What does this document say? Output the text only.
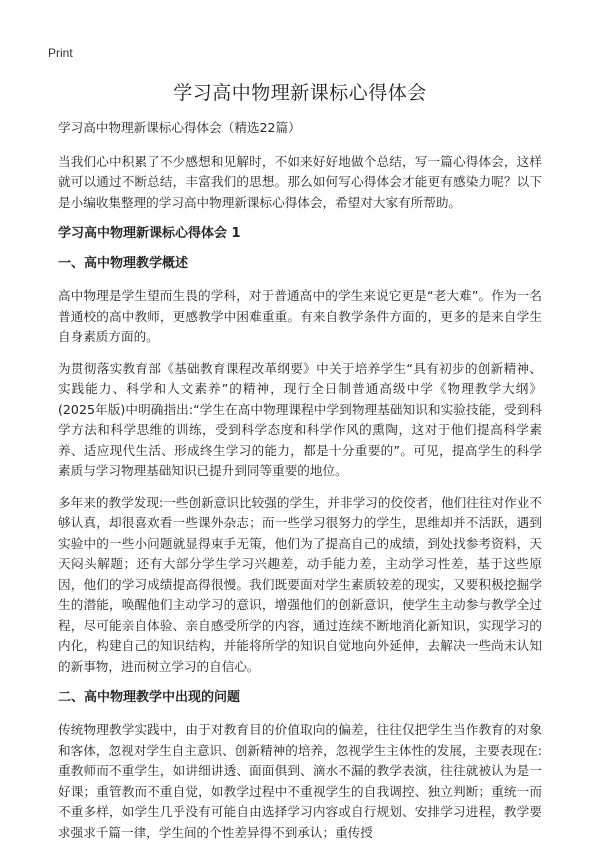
Print
学习高中物理新课标心得体会

学习高中物理新课标心得体会（精选22篇）

当我们心中积累了不少感想和见解时，不如来好好地做个总结，写一篇心得体会，这样就可以通过不断总结，丰富我们的思想。那么如何写心得体会才能更有感染力呢？以下是小编收集整理的学习高中物理新课标心得体会，希望对大家有所帮助。

学习高中物理新课标心得体会 1
一、高中物理教学概述

高中物理是学生望而生畏的学科，对于普通高中的学生来说它更是“老大难”。作为一名普通校的高中教师，更感教学中困难重重。有来自教学条件方面的，更多的是来自学生自身素质方面的。

为贯彻落实教育部《基础教育课程改革纲要》中关于培养学生“具有初步的创新精神、实践能力、科学和人文素养”的精神，现行全日制普通高级中学《物理教学大纲》(2025年版)中明确指出:“学生在高中物理课程中学到物理基础知识和实验技能，受到科学方法和科学思维的训练，受到科学态度和科学作风的熏陶，这对于他们提高科学素养、适应现代生活、形成终生学习的能力，都是十分重要的”。可见，提高学生的科学素质与学习物理基础知识已提升到同等重要的地位。

多年来的教学发现:一些创新意识比较强的学生，并非学习的佼佼者，他们往往对作业不够认真，却很喜欢看一些课外杂志；而一些学习很努力的学生，思维却并不活跃，遇到实验中的一些小问题就显得束手无策，他们为了提高自己的成绩，到处找参考资料，天天闷头解题；还有大部分学生学习兴趣差，动手能力差，主动学习性差，基于这些原因，他们的学习成绩提高得很慢。我们既要面对学生素质较差的现实，又要积极挖掘学生的潜能，唤醒他们主动学习的意识，增强他们的创新意识，使学生主动参与教学全过程，尽可能亲自体验、亲自感受所学的内容，通过连续不断地消化新知识，实现学习的内化，构建自己的知识结构，并能将所学的知识自觉地向外延伸，去解决一些尚未认知的新事物，进而树立学习的自信心。

二、高中物理教学中出现的问题

传统物理教学实践中，由于对教育目的价值取向的偏差，往往仅把学生当作教育的对象和客体，忽视对学生自主意识、创新精神的培养，忽视学生主体性的发展，主要表现在:重教师而不重学生，如讲细讲透、面面俱到、滴水不漏的教学表演，往往就被认为是一好课；重管教而不重自觉，如教学过程中不重视学生的自我调控、独立判断；重统一而不重多样，如学生几乎没有可能自由选择学习内容或自行规划、安排学习进程，教学要求强求千篇一律，学生间的个性差异得不到承认；重传授
